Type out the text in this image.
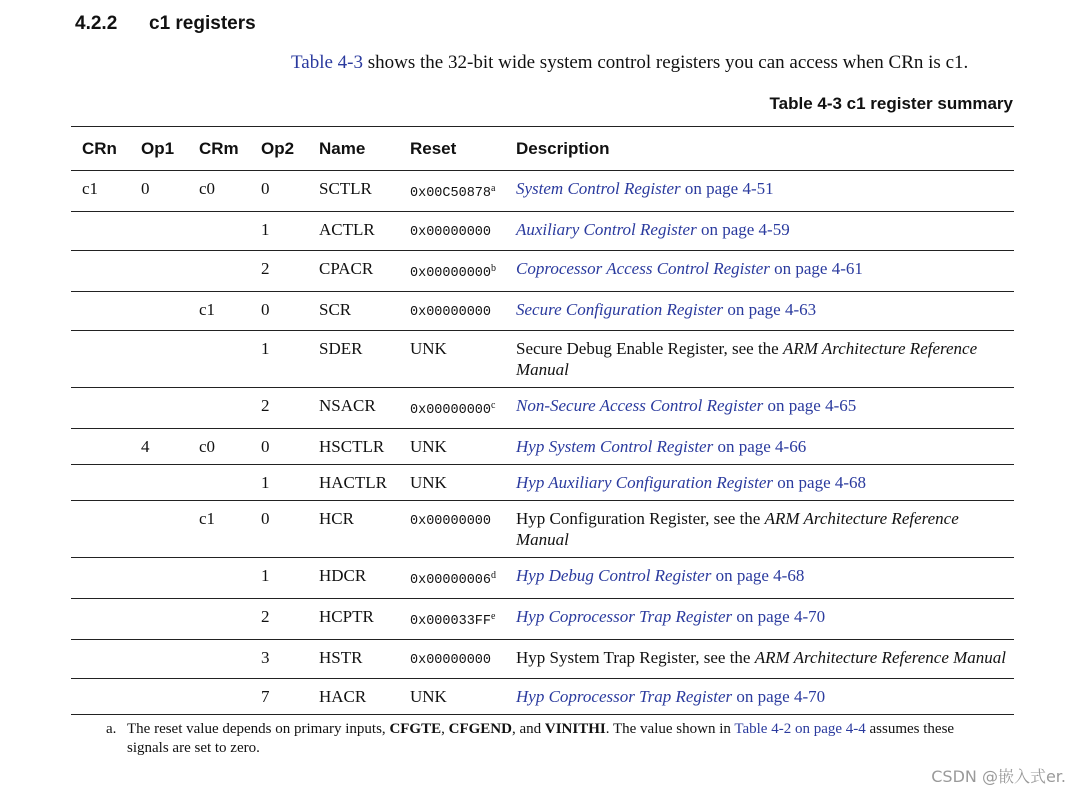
4.2.2	c1 registers
Table 4-3 shows the 32-bit wide system control registers you can access when CRn is c1.
Table 4-3 c1 register summary
CRn	Op1	CRm	Op2	Name	Reset	Description
c1	0	c0	0	SCTLR	0x00C50878$^a$	System Control Register on page 4-51
			1	ACTLR	0x00000000	Auxiliary Control Register on page 4-59
			2	CPACR	0x00000000$^b$	Coprocessor Access Control Register on page 4-61
		c1	0	SCR	0x00000000	Secure Configuration Register on page 4-63
			1	SDER	UNK	Secure Debug Enable Register, see the ARM Architecture Reference Manual
			2	NSACR	0x00000000$^c$	Non-Secure Access Control Register on page 4-65
	4	c0	0	HSCTLR	UNK	Hyp System Control Register on page 4-66
			1	HACTLR	UNK	Hyp Auxiliary Configuration Register on page 4-68
		c1	0	HCR	0x00000000	Hyp Configuration Register, see the ARM Architecture Reference Manual
			1	HDCR	0x00000006$^d$	Hyp Debug Control Register on page 4-68
			2	HCPTR	$0x000033FF^e$	Hyp Coprocessor Trap Register on page 4-70
			3	HSTR	0x00000000	Hyp System Trap Register, see the ARM Architecture Reference Manual
			7	HACR	UNK	Hyp Coprocessor Trap Register on page 4-70
a. The reset value depends on primary inputs, CFGTE, CFGEND, and VINITHI. The value shown in Table 4-2 on page 4-4 assumes these signals are set to zero.
CSDN @嵌入式er.
